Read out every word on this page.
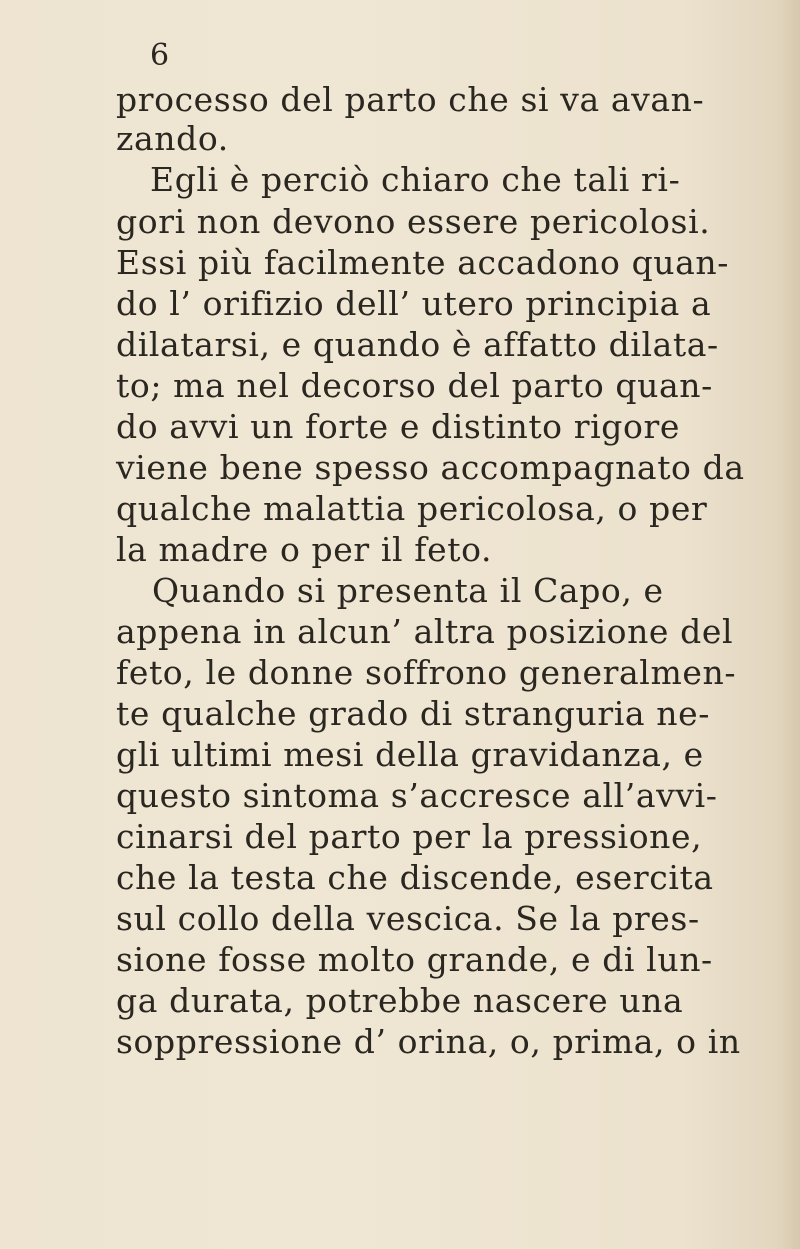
6

processo del parto che si va avan-

zando.

Egli è perciò chiaro che tali ri-

gori non devono essere pericolosi.

Essi più facilmente accadono quan-

do l’ orifizio dell’ utero principia a

dilatarsi, e quando è affatto dilata-

to; ma nel decorso del parto quan-

do avvi un forte e distinto rigore

viene bene spesso accompagnato da

qualche malattia pericolosa, o per

la madre o per il feto.

Quando si presenta il Capo, e

appena in alcun’ altra posizione del

feto, le donne soffrono generalmen-

te qualche grado di stranguria ne-

gli ultimi mesi della gravidanza, e

questo sintoma s’accresce all’avvi-

cinarsi del parto per la pressione,

che la testa che discende, esercita

sul collo della vescica. Se la pres-

sione fosse molto grande, e di lun-

ga durata, potrebbe nascere una

soppressione d’ orina, o, prima, o in
